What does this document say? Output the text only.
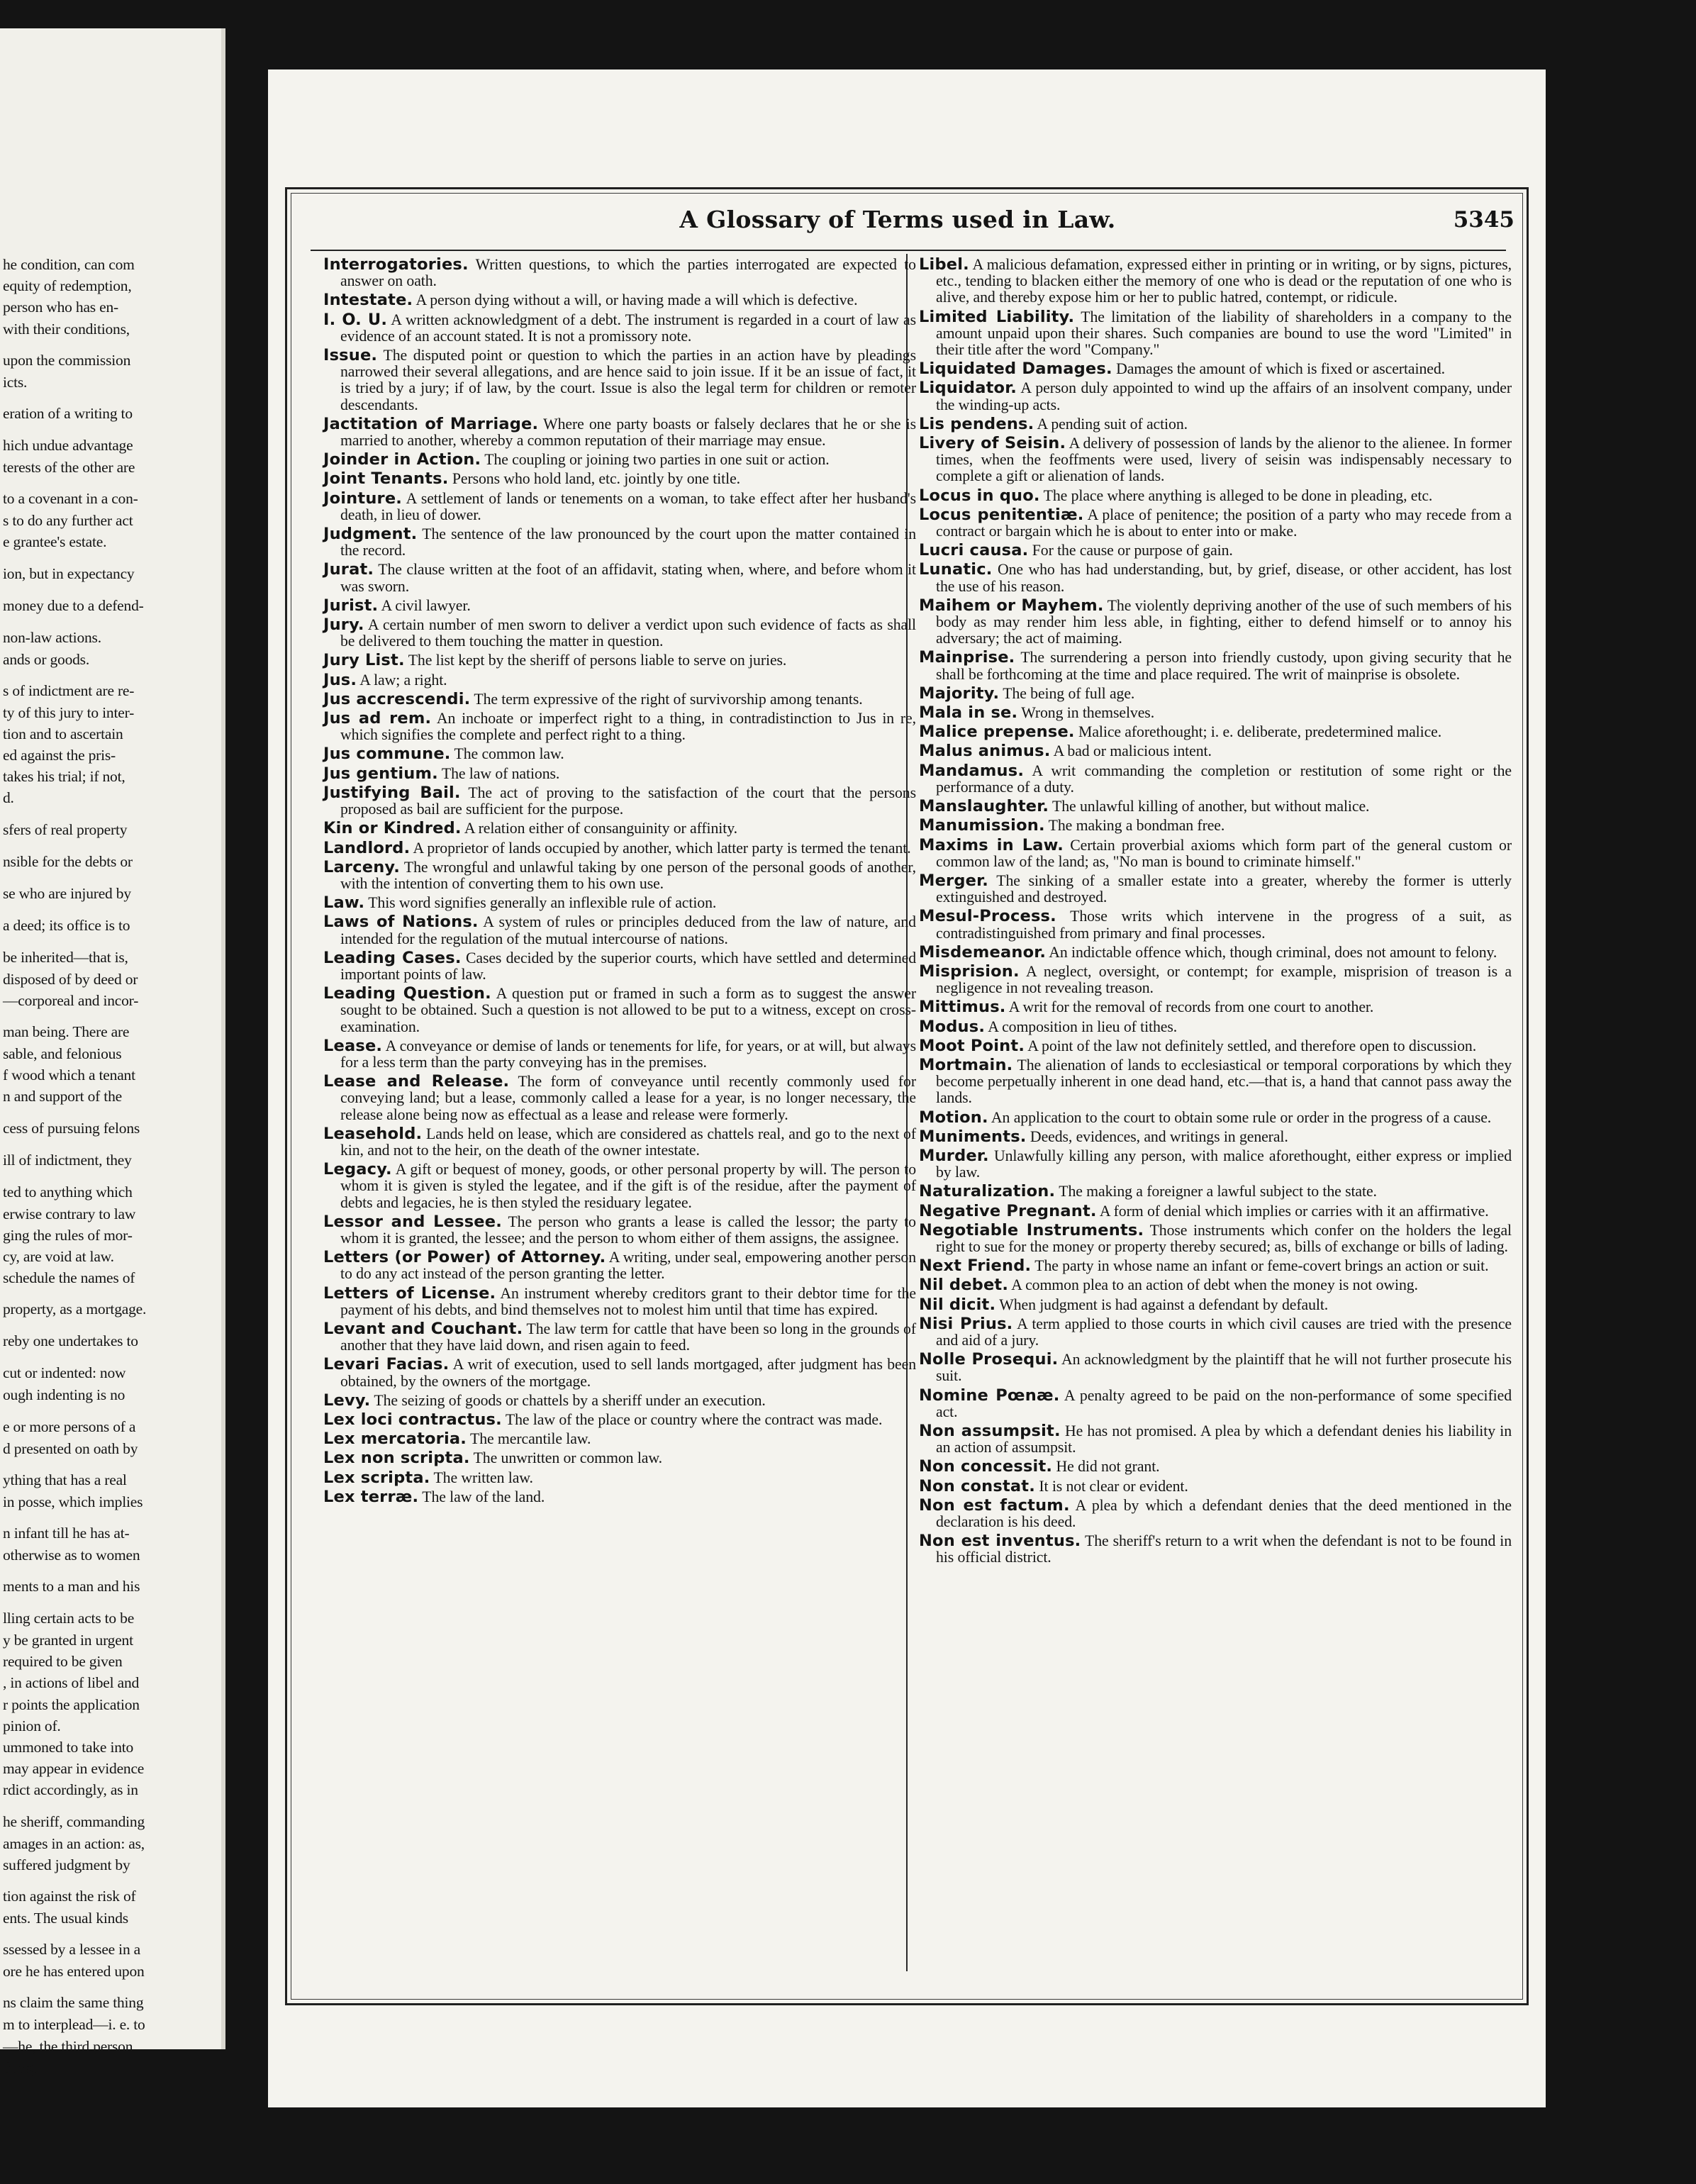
he condition, can com
equity of redemption,
person who has en-
with their conditions,
upon the commission
icts.
eration of a writing to
hich undue advantage
terests of the other are
to a covenant in a con-
s to do any further act
e grantee's estate.
ion, but in expectancy
money due to a defend-
non-law actions.
ands or goods.
s of indictment are re-
ty of this jury to inter-
tion and to ascertain
ed against the pris-
takes his trial; if not,
d.
sfers of real property
nsible for the debts or
se who are injured by
a deed; its office is to
be inherited—that is,
disposed of by deed or
—corporeal and incor-
man being. There are
sable, and felonious
f wood which a tenant
n and support of the
cess of pursuing felons
ill of indictment, they
ted to anything which
erwise contrary to law
ging the rules of mor-
cy, are void at law.
schedule the names of
property, as a mortgage.
reby one undertakes to
cut or indented: now
ough indenting is no
e or more persons of a
d presented on oath by
ything that has a real
in posse, which implies
n infant till he has at-
otherwise as to women
ments to a man and his
lling certain acts to be
y be granted in urgent
required to be given
, in actions of libel and
r points the application
pinion of.
ummoned to take into
may appear in evidence
rdict accordingly, as in
he sheriff, commanding
amages in an action: as,
suffered judgment by
tion against the risk of
ents. The usual kinds
ssessed by a lessee in a
ore he has entered upon
ns claim the same thing
m to interplead—i. e. to
—he, the third person
thing.
A Glossary of Terms used in Law.	5345

Interrogatories. Written questions, to which the parties interrogated are expected to answer on oath.

Intestate. A person dying without a will, or having made a will which is defective.

I. O. U. A written acknowledgment of a debt. The instrument is regarded in a court of law as evidence of an account stated. It is not a promissory note.

Issue. The disputed point or question to which the parties in an action have by pleadings narrowed their several allegations, and are hence said to join issue. If it be an issue of fact, it is tried by a jury; if of law, by the court. Issue is also the legal term for children or remoter descendants.

Jactitation of Marriage. Where one party boasts or falsely declares that he or she is married to another, whereby a common reputation of their marriage may ensue.

Joinder in Action. The coupling or joining two parties in one suit or action.

Joint Tenants. Persons who hold land, etc. jointly by one title.

Jointure. A settlement of lands or tenements on a woman, to take effect after her husband's death, in lieu of dower.

Judgment. The sentence of the law pronounced by the court upon the matter contained in the record.

Jurat. The clause written at the foot of an affidavit, stating when, where, and before whom it was sworn.

Jurist. A civil lawyer.

Jury. A certain number of men sworn to deliver a verdict upon such evidence of facts as shall be delivered to them touching the matter in question.

Jury List. The list kept by the sheriff of persons liable to serve on juries.

Jus. A law; a right.

Jus accrescendi. The term expressive of the right of survivorship among tenants.

Jus ad rem. An inchoate or imperfect right to a thing, in contradistinction to Jus in re, which signifies the complete and perfect right to a thing.

Jus commune. The common law.

Jus gentium. The law of nations.

Justifying Bail. The act of proving to the satisfaction of the court that the persons proposed as bail are sufficient for the purpose.

Kin or Kindred. A relation either of consanguinity or affinity.

Landlord. A proprietor of lands occupied by another, which latter party is termed the tenant.

Larceny. The wrongful and unlawful taking by one person of the personal goods of another, with the intention of converting them to his own use.

Law. This word signifies generally an inflexible rule of action.

Laws of Nations. A system of rules or principles deduced from the law of nature, and intended for the regulation of the mutual intercourse of nations.

Leading Cases. Cases decided by the superior courts, which have settled and determined important points of law.

Leading Question. A question put or framed in such a form as to suggest the answer sought to be obtained. Such a question is not allowed to be put to a witness, except on cross-examination.

Lease. A conveyance or demise of lands or tenements for life, for years, or at will, but always for a less term than the party conveying has in the premises.

Lease and Release. The form of conveyance until recently commonly used for conveying land; but a lease, commonly called a lease for a year, is no longer necessary, the release alone being now as effectual as a lease and release were formerly.

Leasehold. Lands held on lease, which are considered as chattels real, and go to the next of kin, and not to the heir, on the death of the owner intestate.

Legacy. A gift or bequest of money, goods, or other personal property by will. The person to whom it is given is styled the legatee, and if the gift is of the residue, after the payment of debts and legacies, he is then styled the residuary legatee.

Lessor and Lessee. The person who grants a lease is called the lessor; the party to whom it is granted, the lessee; and the person to whom either of them assigns, the assignee.

Letters (or Power) of Attorney. A writing, under seal, empowering another person to do any act instead of the person granting the letter.

Letters of License. An instrument whereby creditors grant to their debtor time for the payment of his debts, and bind themselves not to molest him until that time has expired.

Levant and Couchant. The law term for cattle that have been so long in the grounds of another that they have laid down, and risen again to feed.

Levari Facias. A writ of execution, used to sell lands mortgaged, after judgment has been obtained, by the owners of the mortgage.

Levy. The seizing of goods or chattels by a sheriff under an execution.

Lex loci contractus. The law of the place or country where the contract was made.

Lex mercatoria. The mercantile law.

Lex non scripta. The unwritten or common law.

Lex scripta. The written law.

Lex terræ. The law of the land.

Libel. A malicious defamation, expressed either in printing or in writing, or by signs, pictures, etc., tending to blacken either the memory of one who is dead or the reputation of one who is alive, and thereby expose him or her to public hatred, contempt, or ridicule.

Limited Liability. The limitation of the liability of shareholders in a company to the amount unpaid upon their shares. Such companies are bound to use the word "Limited" in their title after the word "Company."

Liquidated Damages. Damages the amount of which is fixed or ascertained.

Liquidator. A person duly appointed to wind up the affairs of an insolvent company, under the winding-up acts.

Lis pendens. A pending suit of action.

Livery of Seisin. A delivery of possession of lands by the alienor to the alienee. In former times, when the feoffments were used, livery of seisin was indispensably necessary to complete a gift or alienation of lands.

Locus in quo. The place where anything is alleged to be done in pleading, etc.

Locus penitentiæ. A place of penitence; the position of a party who may recede from a contract or bargain which he is about to enter into or make.

Lucri causa. For the cause or purpose of gain.

Lunatic. One who has had understanding, but, by grief, disease, or other accident, has lost the use of his reason.

Maihem or Mayhem. The violently depriving another of the use of such members of his body as may render him less able, in fighting, either to defend himself or to annoy his adversary; the act of maiming.

Mainprise. The surrendering a person into friendly custody, upon giving security that he shall be forthcoming at the time and place required. The writ of mainprise is obsolete.

Majority. The being of full age.

Mala in se. Wrong in themselves.

Malice prepense. Malice aforethought; i. e. deliberate, predetermined malice.

Malus animus. A bad or malicious intent.

Mandamus. A writ commanding the completion or restitution of some right or the performance of a duty.

Manslaughter. The unlawful killing of another, but without malice.

Manumission. The making a bondman free.

Maxims in Law. Certain proverbial axioms which form part of the general custom or common law of the land; as, "No man is bound to criminate himself."

Merger. The sinking of a smaller estate into a greater, whereby the former is utterly extinguished and destroyed.

Mesul-Process. Those writs which intervene in the progress of a suit, as contradistinguished from primary and final processes.

Misdemeanor. An indictable offence which, though criminal, does not amount to felony.

Misprision. A neglect, oversight, or contempt; for example, misprision of treason is a negligence in not revealing treason.

Mittimus. A writ for the removal of records from one court to another.

Modus. A composition in lieu of tithes.

Moot Point. A point of the law not definitely settled, and therefore open to discussion.

Mortmain. The alienation of lands to ecclesiastical or temporal corporations by which they become perpetually inherent in one dead hand, etc.—that is, a hand that cannot pass away the lands.

Motion. An application to the court to obtain some rule or order in the progress of a cause.

Muniments. Deeds, evidences, and writings in general.

Murder. Unlawfully killing any person, with malice aforethought, either express or implied by law.

Naturalization. The making a foreigner a lawful subject to the state.

Negative Pregnant. A form of denial which implies or carries with it an affirmative.

Negotiable Instruments. Those instruments which confer on the holders the legal right to sue for the money or property thereby secured; as, bills of exchange or bills of lading.

Next Friend. The party in whose name an infant or feme-covert brings an action or suit.

Nil debet. A common plea to an action of debt when the money is not owing.

Nil dicit. When judgment is had against a defendant by default.

Nisi Prius. A term applied to those courts in which civil causes are tried with the presence and aid of a jury.

Nolle Prosequi. An acknowledgment by the plaintiff that he will not further prosecute his suit.

Nomine Pœnæ. A penalty agreed to be paid on the non-performance of some specified act.

Non assumpsit. He has not promised. A plea by which a defendant denies his liability in an action of assumpsit.

Non concessit. He did not grant.

Non constat. It is not clear or evident.

Non est factum. A plea by which a defendant denies that the deed mentioned in the declaration is his deed.

Non est inventus. The sheriff's return to a writ when the defendant is not to be found in his official district.
